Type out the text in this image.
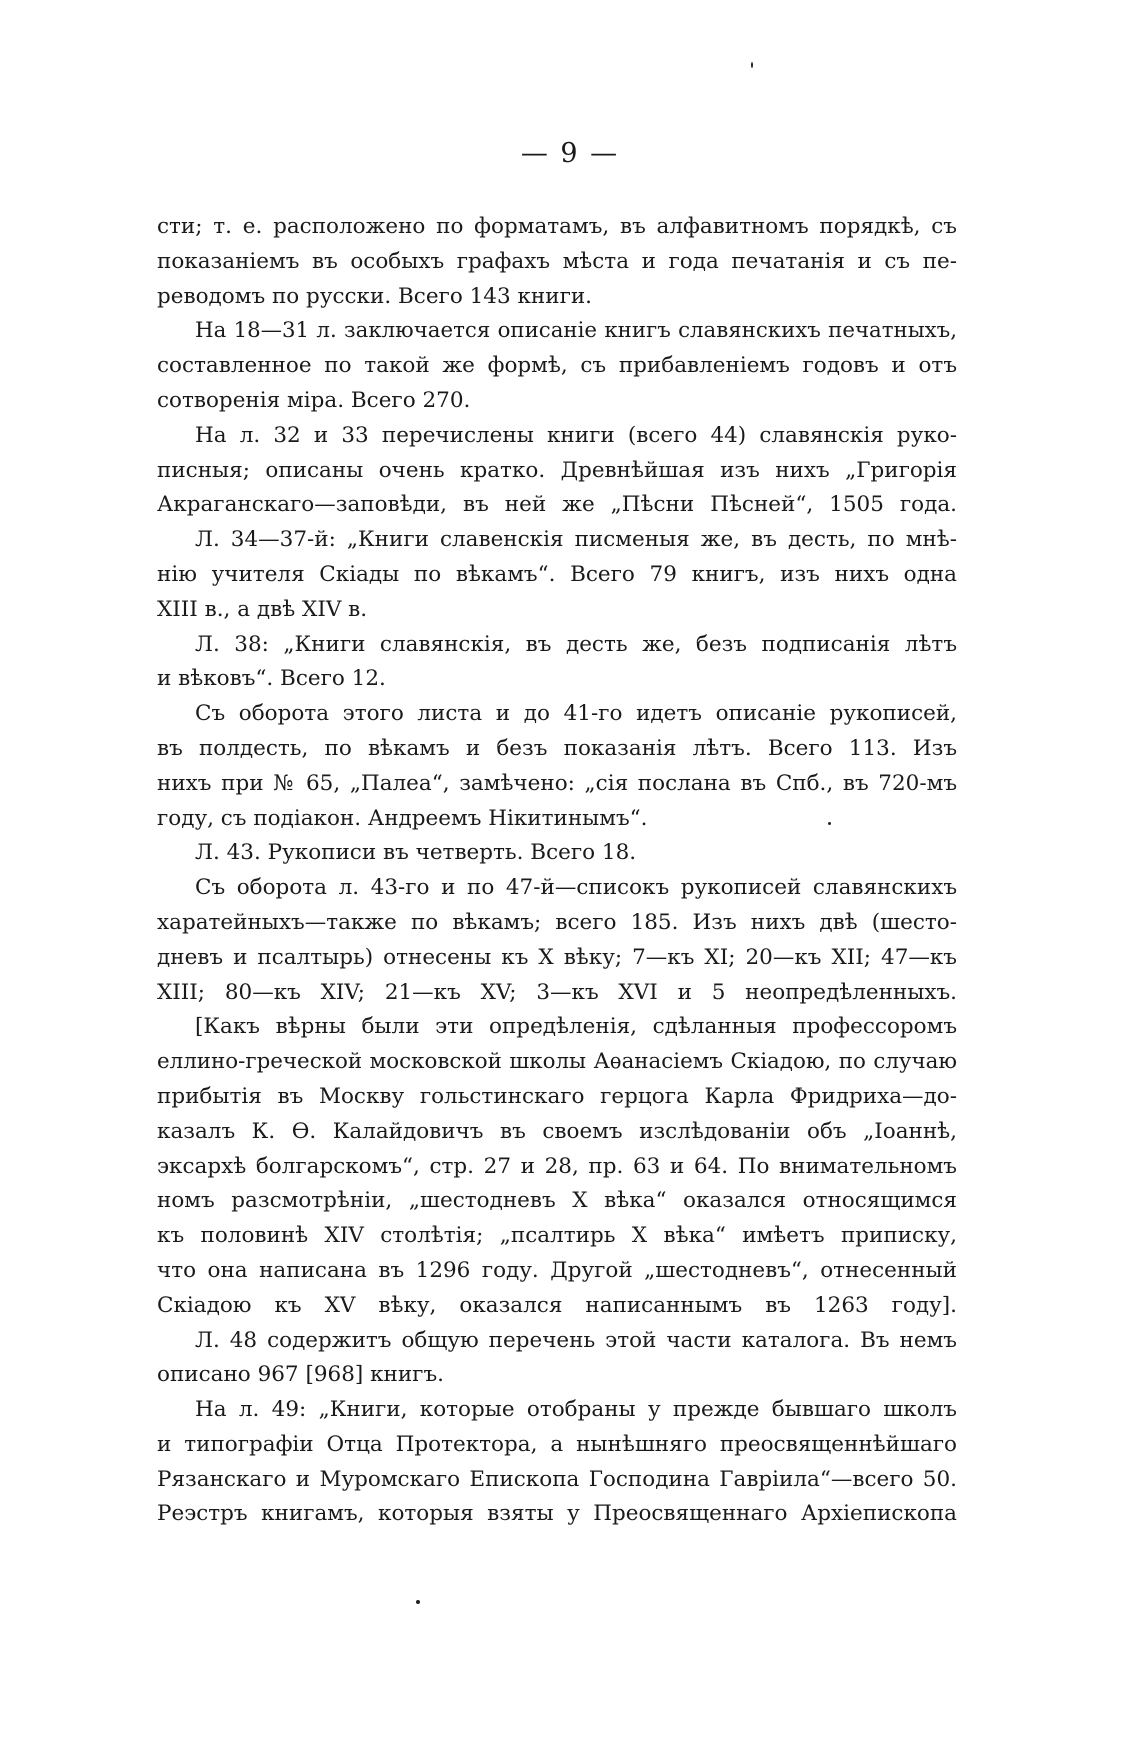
— 9 —
сти; т. е. расположено по форматамъ, въ алфавитномъ порядкѣ, съ
показаніемъ въ особыхъ графахъ мѣста и года печатанія и съ пе-
реводомъ по русски. Всего 143 книги.
На 18—31 л. заключается описаніе книгъ славянскихъ печатныхъ,
составленное по такой же формѣ, съ прибавленіемъ годовъ и отъ
сотворенія міра. Всего 270.
На л. 32 и 33 перечислены книги (всего 44) славянскія руко-
писныя; описаны очень кратко. Древнѣйшая изъ нихъ „Григорія
Акраганскаго—заповѣди, въ ней же „Пѣсни Пѣсней“, 1505 года.
Л. 34—37-й: „Книги славенскія писменыя же, въ десть, по мнѣ-
нію учителя Скіады по вѣкамъ“. Всего 79 книгъ, изъ нихъ одна
XIII в., а двѣ XIV в.
Л. 38: „Книги славянскія, въ десть же, безъ подписанія лѣтъ
и вѣковъ“. Всего 12.
Съ оборота этого листа и до 41-го идетъ описаніе рукописей,
въ полдесть, по вѣкамъ и безъ показанія лѣтъ. Всего 113. Изъ
нихъ при № 65, „Палеа“, замѣчено: „сія послана въ Спб., въ 720-мъ
году, съ подіакон. Андреемъ Нікитинымъ“.
Л. 43. Рукописи въ четверть. Всего 18.
Съ оборота л. 43-го и по 47-й—списокъ рукописей славянскихъ
харатейныхъ—также по вѣкамъ; всего 185. Изъ нихъ двѣ (шесто-
дневъ и псалтырь) отнесены къ X вѣку; 7—къ XI; 20—къ XII; 47—къ
XIII; 80—къ XIV; 21—къ XV; 3—къ XVI и 5 неопредѣленныхъ.
[Какъ вѣрны были эти опредѣленія, сдѣланныя профессоромъ
еллино-греческой московской школы Аѳанасіемъ Скіадою, по случаю
прибытія въ Москву гольстинскаго герцога Карла Фридриха—до-
казалъ К. Ѳ. Калайдовичъ въ своемъ изслѣдованіи объ „Іоаннѣ,
эксархѣ болгарскомъ“, стр. 27 и 28, пр. 63 и 64. По внимательномъ
номъ разсмотрѣніи, „шестодневъ X вѣка“ оказался относящимся
къ половинѣ XIV столѣтія; „псалтирь X вѣка“ имѣетъ приписку,
что она написана въ 1296 году. Другой „шестодневъ“, отнесенный
Скіадою къ XV вѣку, оказался написаннымъ въ 1263 году].
Л. 48 содержитъ общую перечень этой части каталога. Въ немъ
описано 967 [968] книгъ.
На л. 49: „Книги, которые отобраны у прежде бывшаго школъ
и типографіи Отца Протектора, а нынѣшняго преосвященнѣйшаго
Рязанскаго и Муромскаго Епископа Господина Гавріила“—всего 50.
Реэстръ книгамъ, которыя взяты у Преосвященнаго Архіепископа
